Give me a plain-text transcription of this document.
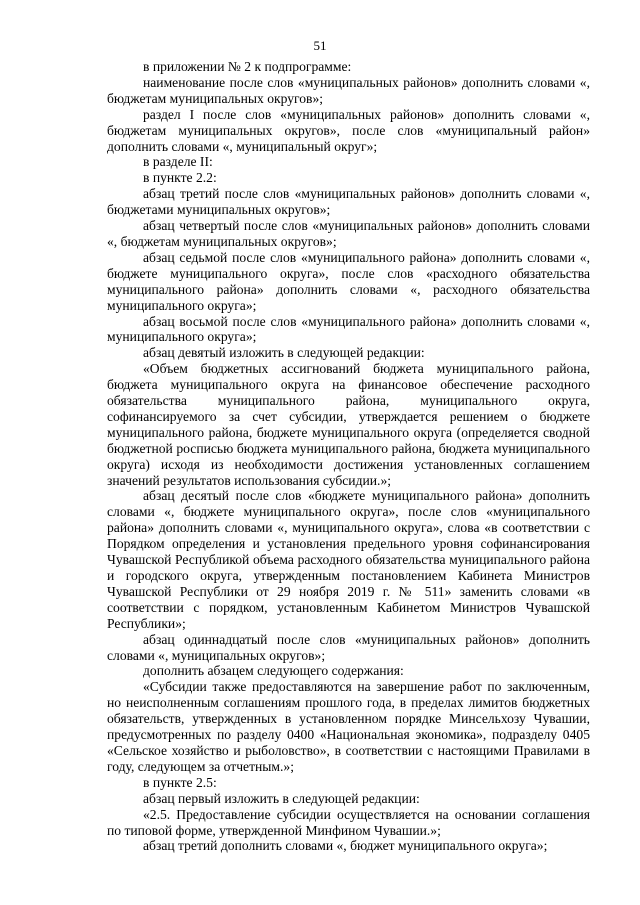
51

в приложении № 2 к подпрограмме:

наименование после слов «муниципальных районов» дополнить словами «, бюджетам муниципальных округов»;

раздел I после слов «муниципальных районов» дополнить словами «, бюджетам муниципальных округов», после слов «муниципальный район» дополнить словами «, муниципальный округ»;

в разделе II:

в пункте 2.2:

абзац третий после слов «муниципальных районов» дополнить словами «, бюджетами муниципальных округов»;

абзац четвертый после слов «муниципальных районов» дополнить словами «, бюджетам муниципальных округов»;

абзац седьмой после слов «муниципального района» дополнить словами «, бюджете муниципального округа», после слов «расходного обязательства муниципального района» дополнить словами «, расходного обязательства муниципального округа»;

абзац восьмой после слов «муниципального района» дополнить словами «, муниципального округа»;

абзац девятый изложить в следующей редакции:

«Объем бюджетных ассигнований бюджета муниципального района, бюджета муниципального округа на финансовое обеспечение расходного обязательства муниципального района, муниципального округа, софинансируемого за счет субсидии, утверждается решением о бюджете муниципального района, бюджете муниципального округа (определяется сводной бюджетной росписью бюджета муниципального района, бюджета муниципального округа) исходя из необходимости достижения установленных соглашением значений результатов использования субсидии.»;

абзац десятый после слов «бюджете муниципального района» дополнить словами «, бюджете муниципального округа», после слов «муниципального района» дополнить словами «, муниципального округа», слова «в соответствии с Порядком определения и установления предельного уровня софинансирования Чувашской Республикой объема расходного обязательства муниципального района и городского округа, утвержденным постановлением Кабинета Министров Чувашской Республики от 29 ноября 2019 г. № 511» заменить словами «в соответствии с порядком, установленным Кабинетом Министров Чувашской Республики»;

абзац одиннадцатый после слов «муниципальных районов» дополнить словами «, муниципальных округов»;

дополнить абзацем следующего содержания:

«Субсидии также предоставляются на завершение работ по заключенным, но неисполненным соглашениям прошлого года, в пределах лимитов бюджетных обязательств, утвержденных в установленном порядке Минсельхозу Чувашии, предусмотренных по разделу 0400 «Национальная экономика», подразделу 0405 «Сельское хозяйство и рыболовство», в соответствии с настоящими Правилами в году, следующем за отчетным.»;

в пункте 2.5:

абзац первый изложить в следующей редакции:

«2.5. Предоставление субсидии осуществляется на основании соглашения по типовой форме, утвержденной Минфином Чувашии.»;

абзац третий дополнить словами «, бюджет муниципального округа»;
